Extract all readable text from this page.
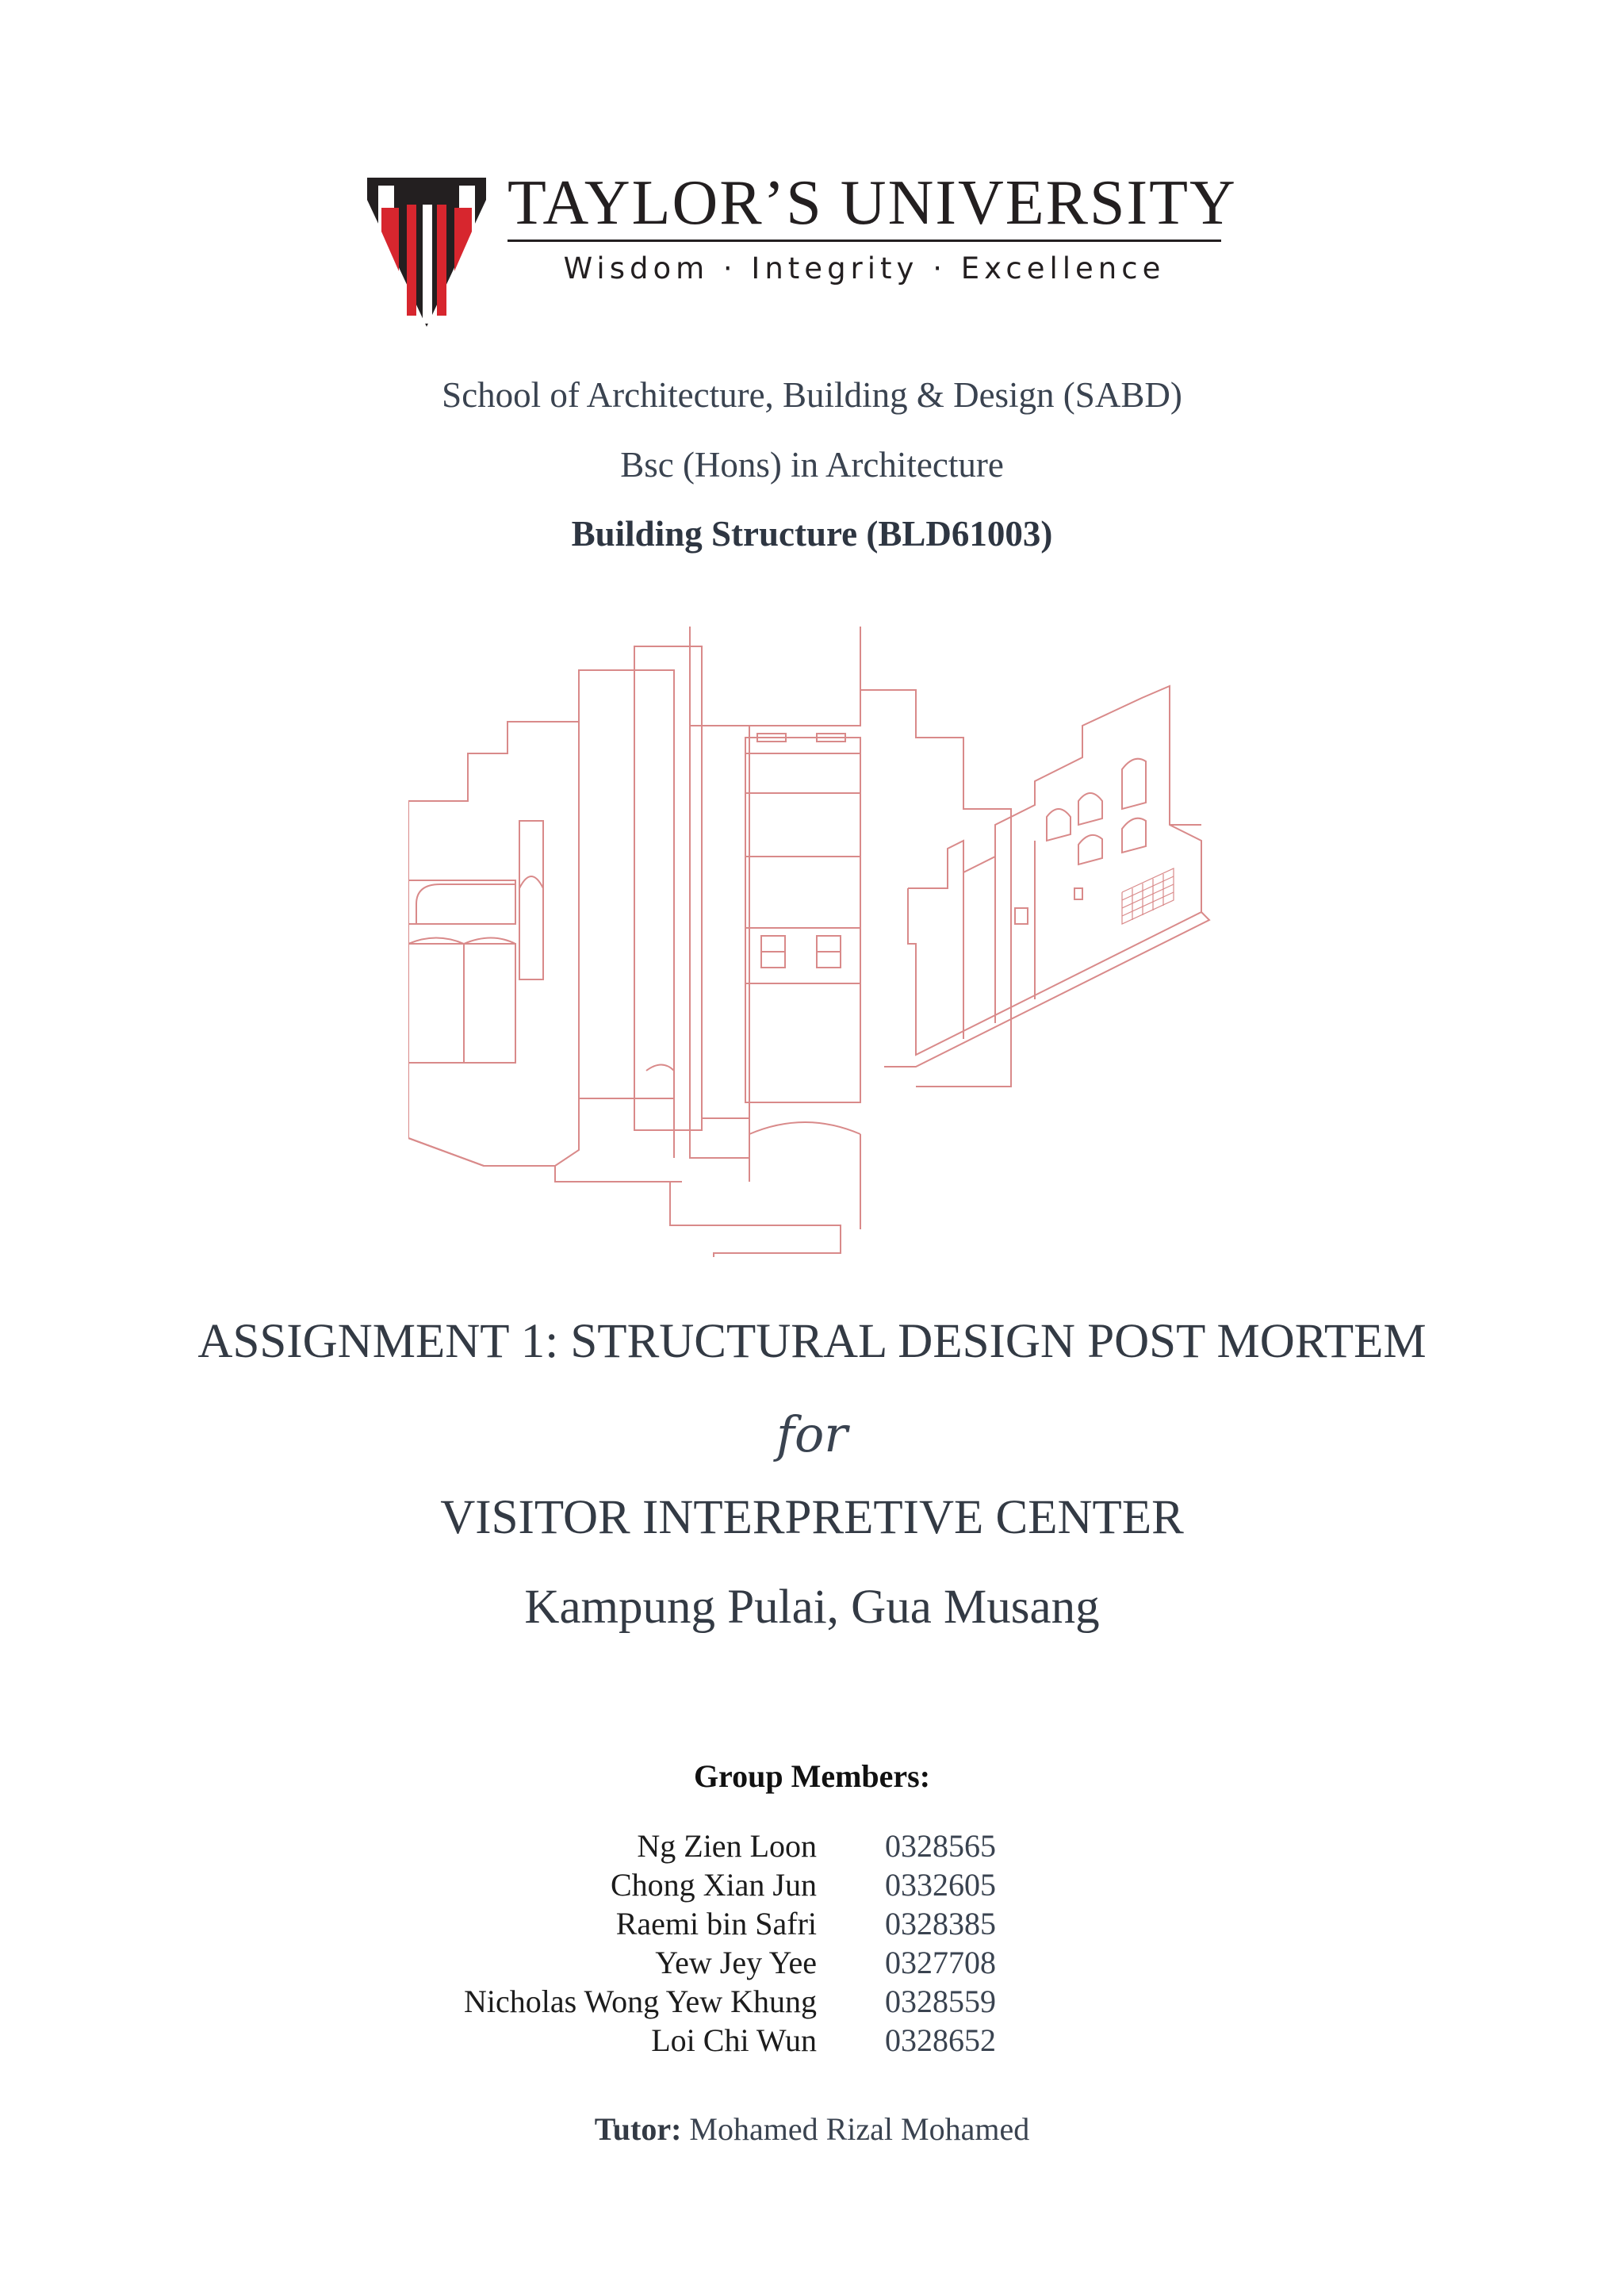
TAYLOR’S UNIVERSITY
Wisdom · Integrity · Excellence
School of Architecture, Building & Design (SABD)
Bsc (Hons) in Architecture
Building Structure (BLD61003)
ASSIGNMENT 1: STRUCTURAL DESIGN POST MORTEM
for
VISITOR INTERPRETIVE CENTER
Kampung Pulai, Gua Musang
Group Members:
Ng Zien Loon 0328565
Chong Xian Jun 0332605
Raemi bin Safri 0328385
Yew Jey Yee 0327708
Nicholas Wong Yew Khung 0328559
Loi Chi Wun 0328652
Tutor: Mohamed Rizal Mohamed
